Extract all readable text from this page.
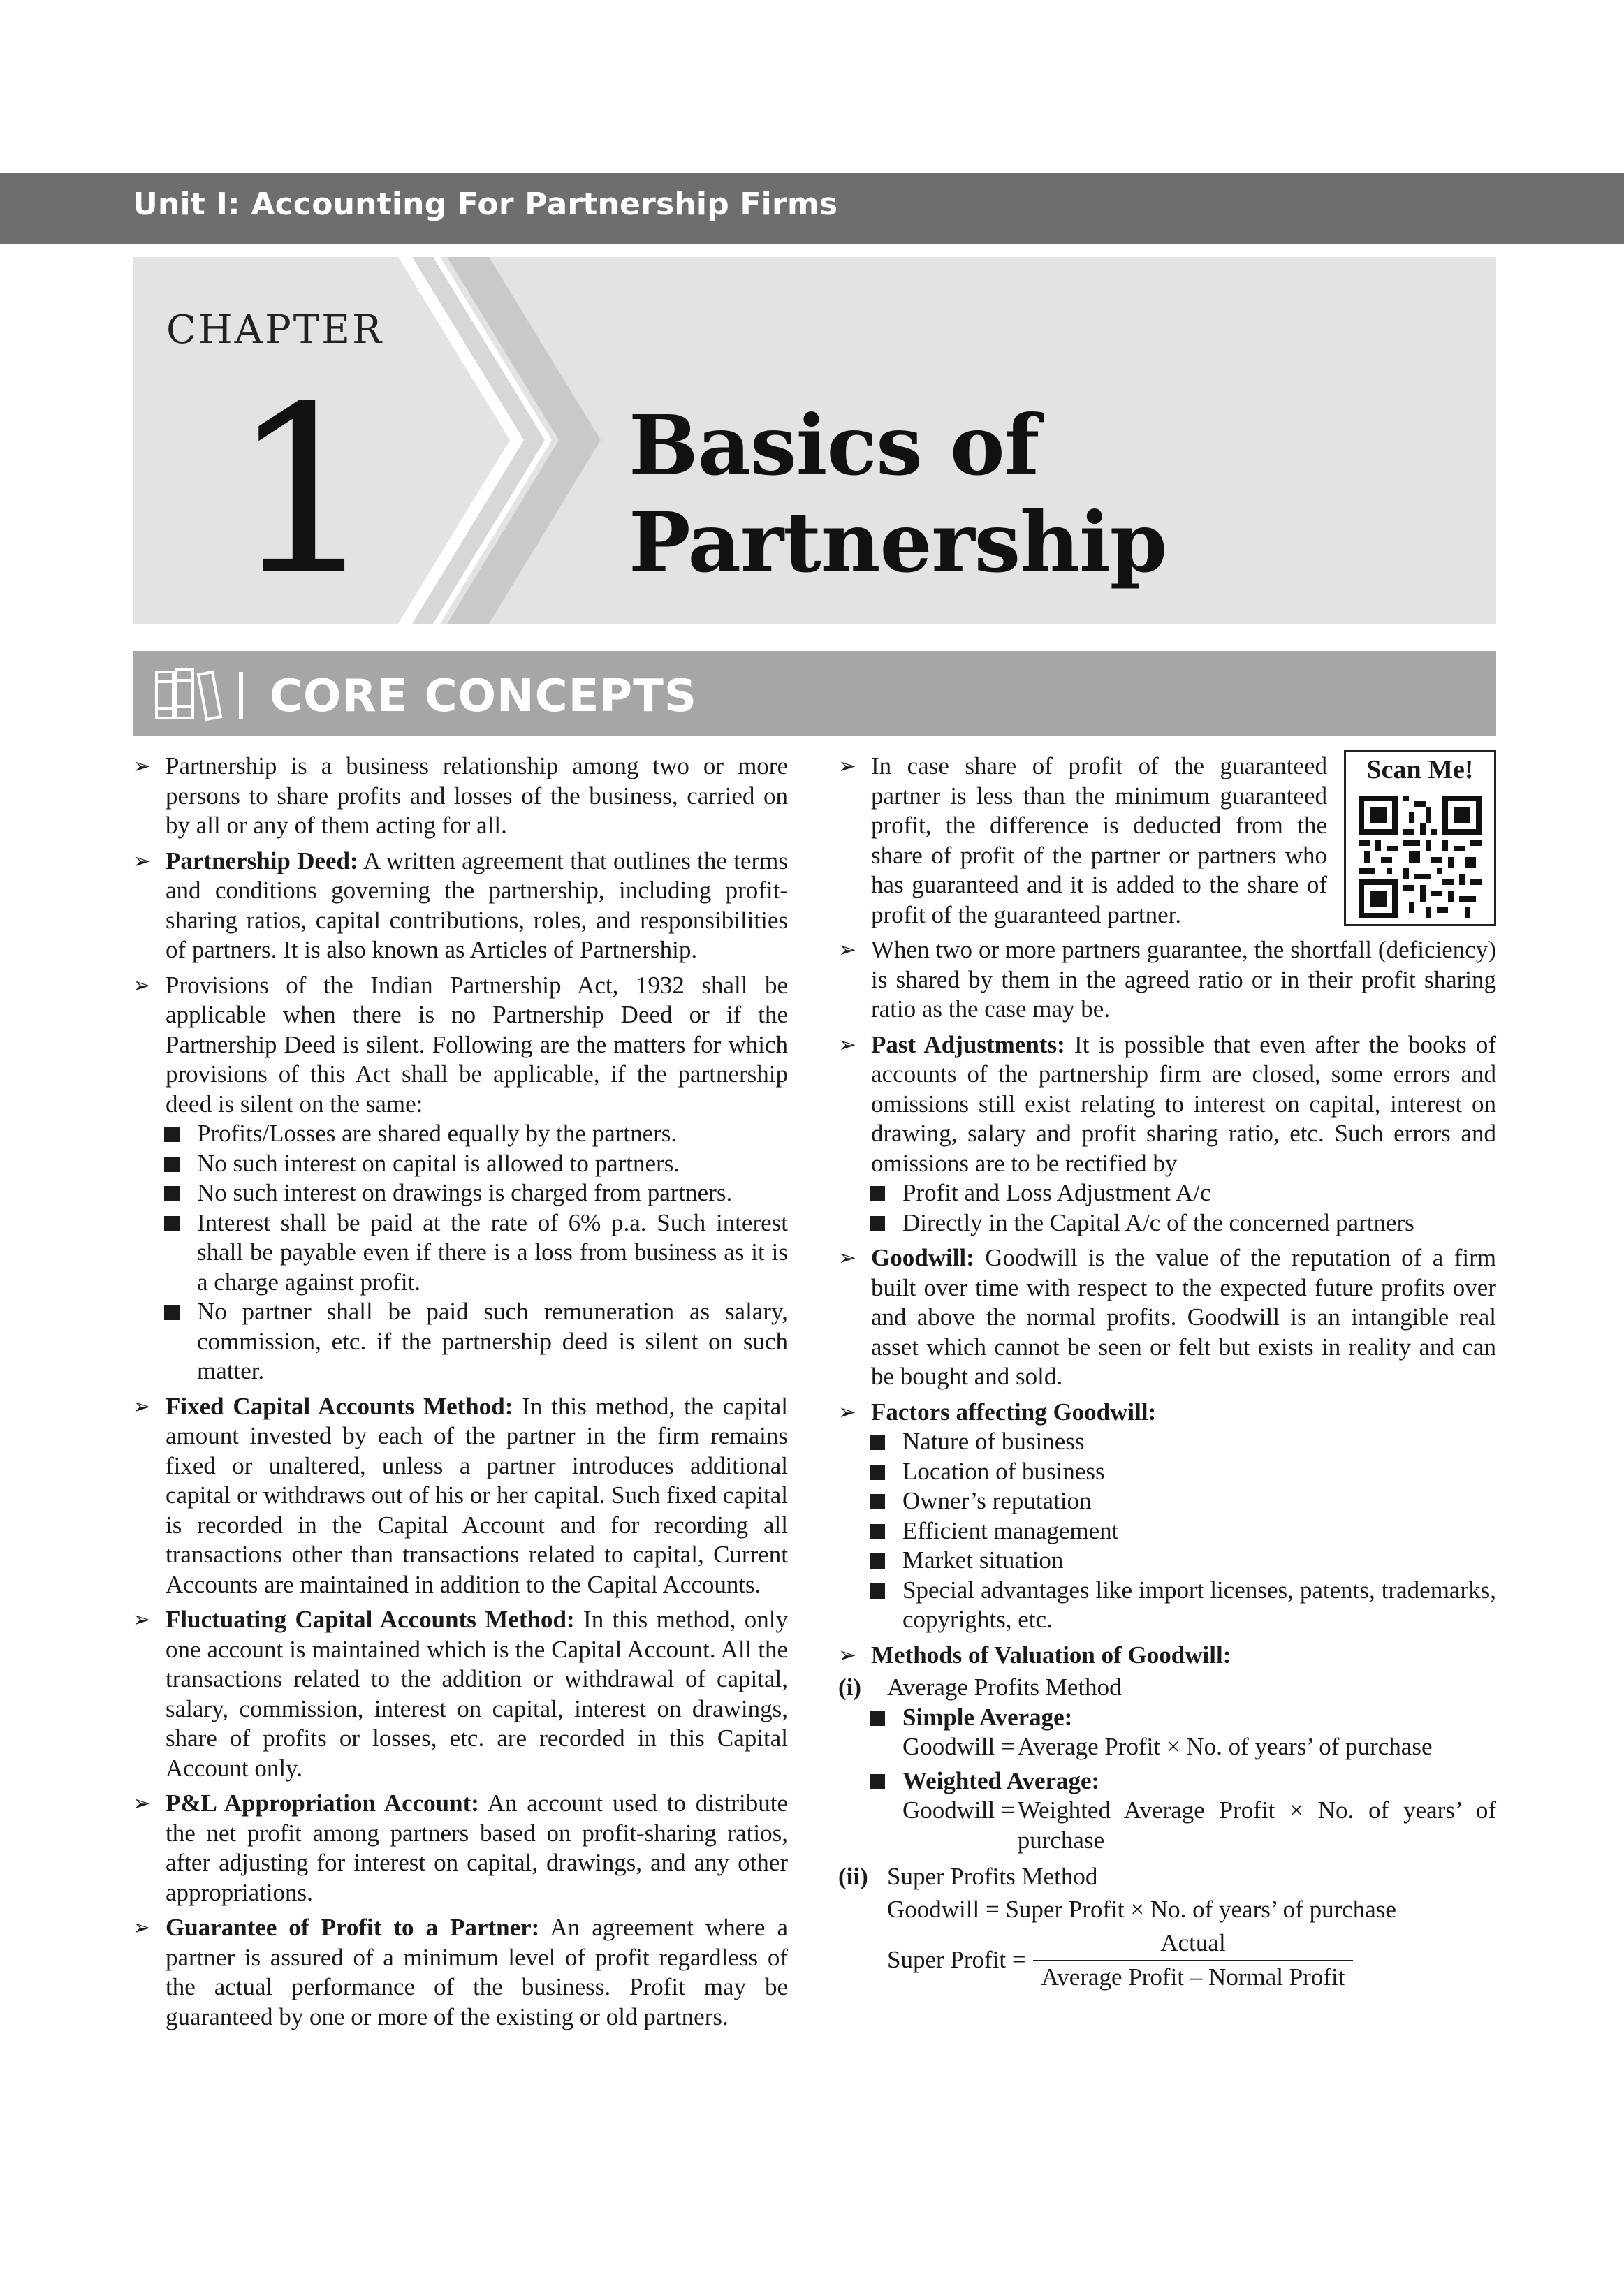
Unit I: Accounting For Partnership Firms
CHAPTER
1	Basics of Partnership
CORE CONCEPTS
➢ Partnership is a business relationship among two or more persons to share profits and losses of the business, carried on by all or any of them acting for all.
➢ Partnership Deed: A written agreement that outlines the terms and conditions governing the partnership, including profit-sharing ratios, capital contributions, roles, and responsibilities of partners. It is also known as Articles of Partnership.
➢ Provisions of the Indian Partnership Act, 1932 shall be applicable when there is no Partnership Deed or if the Partnership Deed is silent. Following are the matters for which provisions of this Act shall be applicable, if the partnership deed is silent on the same:
Profits/Losses are shared equally by the partners.
No such interest on capital is allowed to partners.
No such interest on drawings is charged from partners.
Interest shall be paid at the rate of 6% p.a. Such interest shall be payable even if there is a loss from business as it is a charge against profit.
No partner shall be paid such remuneration as salary, commission, etc. if the partnership deed is silent on such matter.
➢ Fixed Capital Accounts Method: In this method, the capital amount invested by each of the partner in the firm remains fixed or unaltered, unless a partner introduces additional capital or withdraws out of his or her capital. Such fixed capital is recorded in the Capital Account and for recording all transactions other than transactions related to capital, Current Accounts are maintained in addition to the Capital Accounts.
➢ Fluctuating Capital Accounts Method: In this method, only one account is maintained which is the Capital Account. All the transactions related to the addition or withdrawal of capital, salary, commission, interest on capital, interest on drawings, share of profits or losses, etc. are recorded in this Capital Account only.
➢ P&L Appropriation Account: An account used to distribute the net profit among partners based on profit-sharing ratios, after adjusting for interest on capital, drawings, and any other appropriations.
➢ Guarantee of Profit to a Partner: An agreement where a partner is assured of a minimum level of profit regardless of the actual performance of the business. Profit may be guaranteed by one or more of the existing or old partners.
➢	Scan Me!
In case share of profit of the guaranteed partner is less than the minimum guaranteed profit, the difference is deducted from the share of profit of the partner or partners who has guaranteed and it is added to the share of profit of the guaranteed partner.
➢ When two or more partners guarantee, the shortfall (deficiency) is shared by them in the agreed ratio or in their profit sharing ratio as the case may be.
➢ Past Adjustments: It is possible that even after the books of accounts of the partnership firm are closed, some errors and omissions still exist relating to interest on capital, interest on drawing, salary and profit sharing ratio, etc. Such errors and omissions are to be rectified by
Profit and Loss Adjustment A/c
Directly in the Capital A/c of the concerned partners
➢ Goodwill: Goodwill is the value of the reputation of a firm built over time with respect to the expected future profits over and above the normal profits. Goodwill is an intangible real asset which cannot be seen or felt but exists in reality and can be bought and sold.
➢ Factors affecting Goodwill:
Nature of business
Location of business
Owner’s reputation
Efficient management
Market situation
Special advantages like import licenses, patents, trademarks, copyrights, etc.
➢ Methods of Valuation of Goodwill:
(i) Average Profits Method
Simple Average:
Goodwill = Average Profit × No. of years’ of purchase
Weighted Average:
Goodwill = Weighted Average Profit × No. of years’ of purchase
(ii) Super Profits Method
Goodwill = Super Profit × No. of years’ of purchase
Super Profit = $\frac{\text{Actual}}{\text{Average Profit – Normal Profit}}$
